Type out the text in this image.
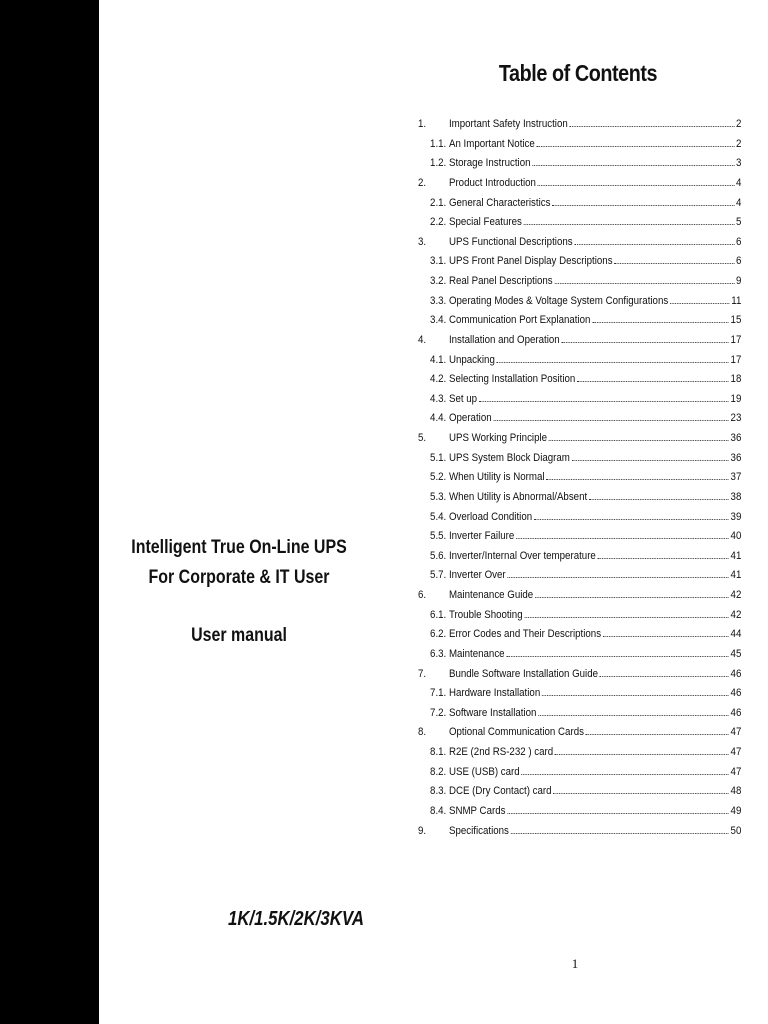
Table of Contents
1.	Important Safety Instruction	2
1.1. An Important Notice	2
1.2. Storage Instruction	3
2.	Product Introduction	4
2.1. General Characteristics	4
2.2. Special Features	5
3.	UPS Functional Descriptions	6
3.1. UPS Front Panel Display Descriptions	6
3.2. Real Panel Descriptions	9
3.3. Operating Modes & Voltage System Configurations	11
3.4. Communication Port Explanation	15
4.	Installation and Operation	17
4.1. Unpacking	17
4.2. Selecting Installation Position	18
4.3. Set up	19
4.4. Operation	23
5.	UPS Working Principle	36
5.1. UPS System Block Diagram	36
5.2. When Utility is Normal	37
5.3. When Utility is Abnormal/Absent	38
5.4. Overload Condition	39
5.5. Inverter Failure	40
5.6. Inverter/Internal Over temperature	41
5.7. Inverter Over	41
6.	Maintenance Guide	42
6.1. Trouble Shooting	42
6.2. Error Codes and Their Descriptions	44
6.3. Maintenance	45
7.	Bundle Software Installation Guide	46
7.1. Hardware Installation	46
7.2. Software Installation	46
8.	Optional Communication Cards	47
8.1. R2E (2nd RS-232 ) card	47
8.2. USE (USB) card	47
8.3. DCE (Dry Contact) card	48
8.4. SNMP Cards	49
9.	Specifications	50
Intelligent True On-Line UPS
For Corporate & IT User
User manual
1K/1.5K/2K/3KVA
1
